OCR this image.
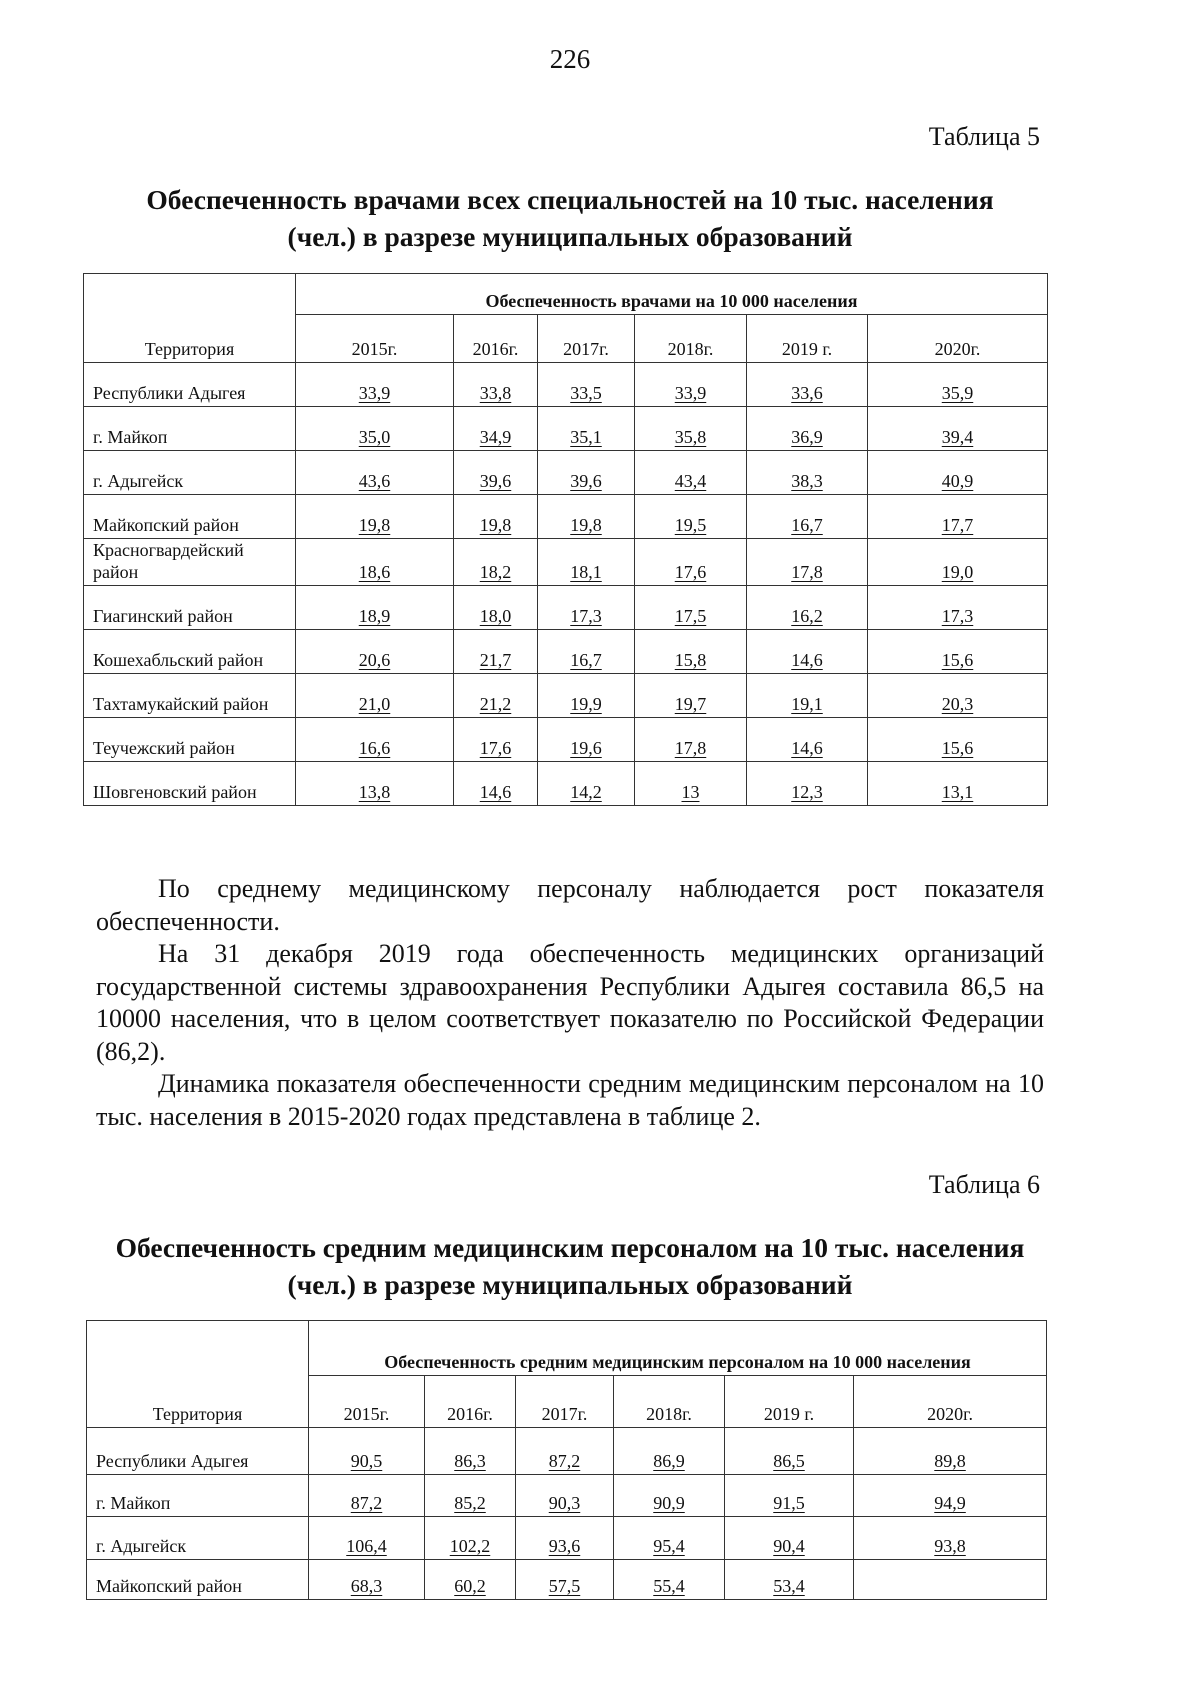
226
Таблица 5
Обеспеченность врачами всех специальностей на 10 тыс. населения
(чел.) в разрезе муниципальных образований
Территория	Обеспеченность врачами на 10 000 населения					
	2015г.	2016г.	2017г.	2018г.	2019 г.	2020г.
Республики Адыгея	33,9	33,8	33,5	33,9	33,6	35,9
г. Майкоп	35,0	34,9	35,1	35,8	36,9	39,4
г. Адыгейск	43,6	39,6	39,6	43,4	38,3	40,9
Майкопский район	19,8	19,8	19,8	19,5	16,7	17,7
Красногвардейский район	18,6	18,2	18,1	17,6	17,8	19,0
Гиагинский район	18,9	18,0	17,3	17,5	16,2	17,3
Кошехабльский район	20,6	21,7	16,7	15,8	14,6	15,6
Тахтамукайский район	21,0	21,2	19,9	19,7	19,1	20,3
Теучежский район	16,6	17,6	19,6	17,8	14,6	15,6
Шовгеновский район	13,8	14,6	14,2	13	12,3	13,1

По среднему медицинскому персоналу наблюдается рост показателя обеспеченности.

На 31 декабря 2019 года обеспеченность медицинских организаций государственной системы здравоохранения Республики Адыгея составила 86,5 на 10000 населения, что в целом соответствует показателю по Российской Федерации (86,2).

Динамика показателя обеспеченности средним медицинским персоналом на 10 тыс. населения в 2015-2020 годах представлена в таблице 2.

Таблица 6
Обеспеченность средним медицинским персоналом на 10 тыс. населения
(чел.) в разрезе муниципальных образований
Территория	Обеспеченность средним медицинским персоналом на 10 000 населения					
	2015г.	2016г.	2017г.	2018г.	2019 г.	2020г.
Республики Адыгея	90,5	86,3	87,2	86,9	86,5	89,8
г. Майкоп	87,2	85,2	90,3	90,9	91,5	94,9
г. Адыгейск	106,4	102,2	93,6	95,4	90,4	93,8
Майкопский район	68,3	60,2	57,5	55,4	53,4	
